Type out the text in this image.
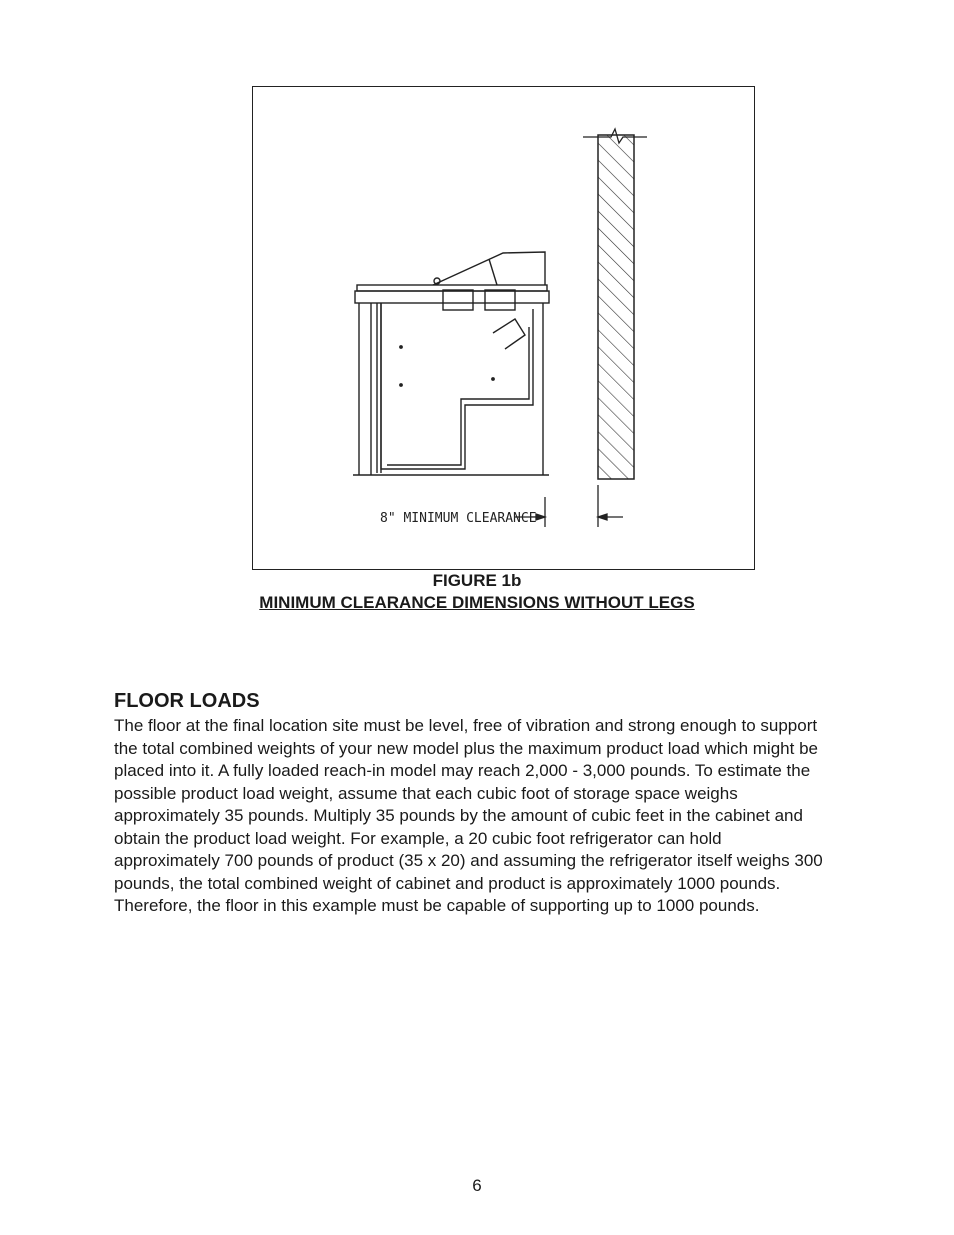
8" MINIMUM CLEARANCE
FIGURE 1b
MINIMUM CLEARANCE DIMENSIONS WITHOUT LEGS
FLOOR LOADS

The floor at the final location site must be level, free of vibration and strong enough to support the total combined weights of your new model plus the maximum product load which might be placed into it. A fully loaded reach-in model may reach 2,000 - 3,000 pounds. To estimate the possible product load weight, assume that each cubic foot of storage space weighs approximately 35 pounds. Multiply 35 pounds by the amount of cubic feet in the cabinet and obtain the product load weight. For example, a 20 cubic foot refrigerator can hold approximately 700 pounds of product (35 x 20) and assuming the refrigerator itself weighs 300 pounds, the total combined weight of cabinet and product is approximately 1000 pounds. Therefore, the floor in this example must be capable of supporting up to 1000 pounds.

6
